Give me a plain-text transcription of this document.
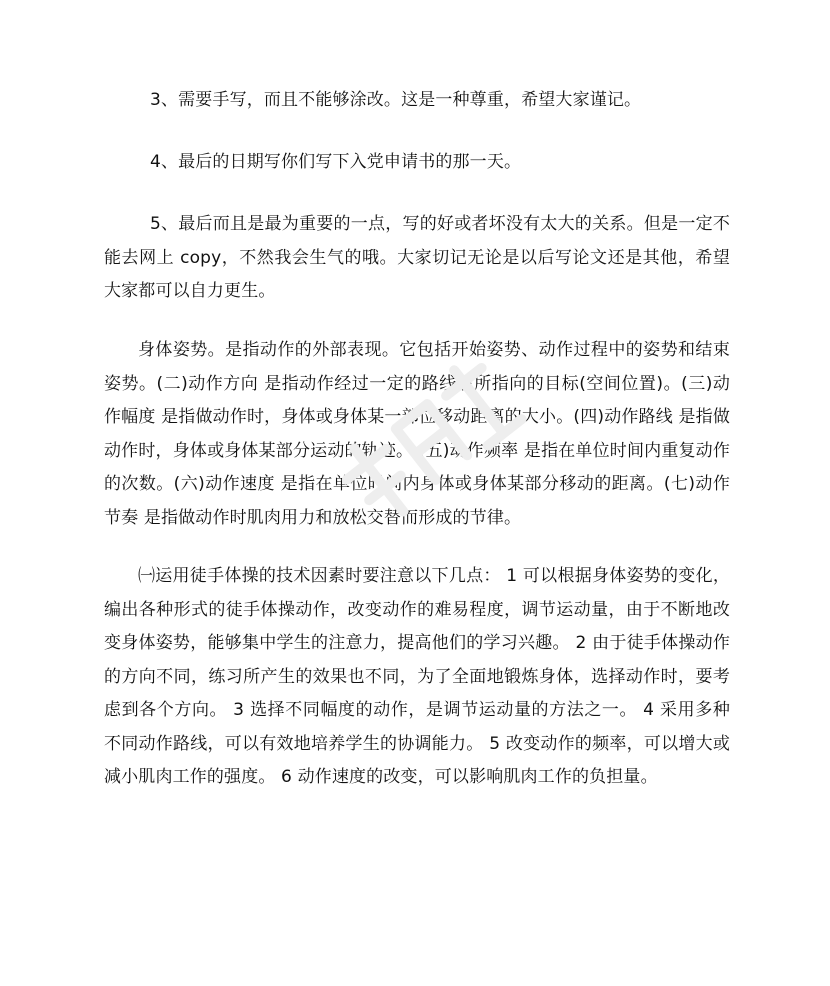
3、需要手写，而且不能够涂改。这是一种尊重，希望大家谨记。

4、最后的日期写你们写下入党申请书的那一天。

5、最后而且是最为重要的一点，写的好或者坏没有太大的关系。但是一定不能去网上 copy，不然我会生气的哦。大家切记无论是以后写论文还是其他，希望大家都可以自力更生。

身体姿势。是指动作的外部表现。它包括开始姿势、动作过程中的姿势和结束姿势。(二)动作方向 是指动作经过一定的路线后所指向的目标(空间位置)。(三)动作幅度 是指做动作时，身体或身体某一部位移动距离的大小。(四)动作路线 是指做动作时，身体或身体某部分运动的轨迹。 (五)动作频率 是指在单位时间内重复动作的次数。(六)动作速度 是指在单位时间内身体或身体某部分移动的距离。(七)动作节奏 是指做动作时肌肉用力和放松交替而形成的节律。

㈠运用徒手体操的技术因素时要注意以下几点： 1 可以根据身体姿势的变化，编出各种形式的徒手体操动作，改变动作的难易程度，调节运动量，由于不断地改变身体姿势，能够集中学生的注意力，提高他们的学习兴趣。 2 由于徒手体操动作的方向不同，练习所产生的效果也不同，为了全面地锻炼身体，选择动作时，要考虑到各个方向。 3 选择不同幅度的动作，是调节运动量的方法之一。 4 采用多种不同动作路线，可以有效地培养学生的协调能力。 5 改变动作的频率，可以增大或减小肌肉工作的强度。 6 动作速度的改变，可以影响肌肉工作的负担量。
